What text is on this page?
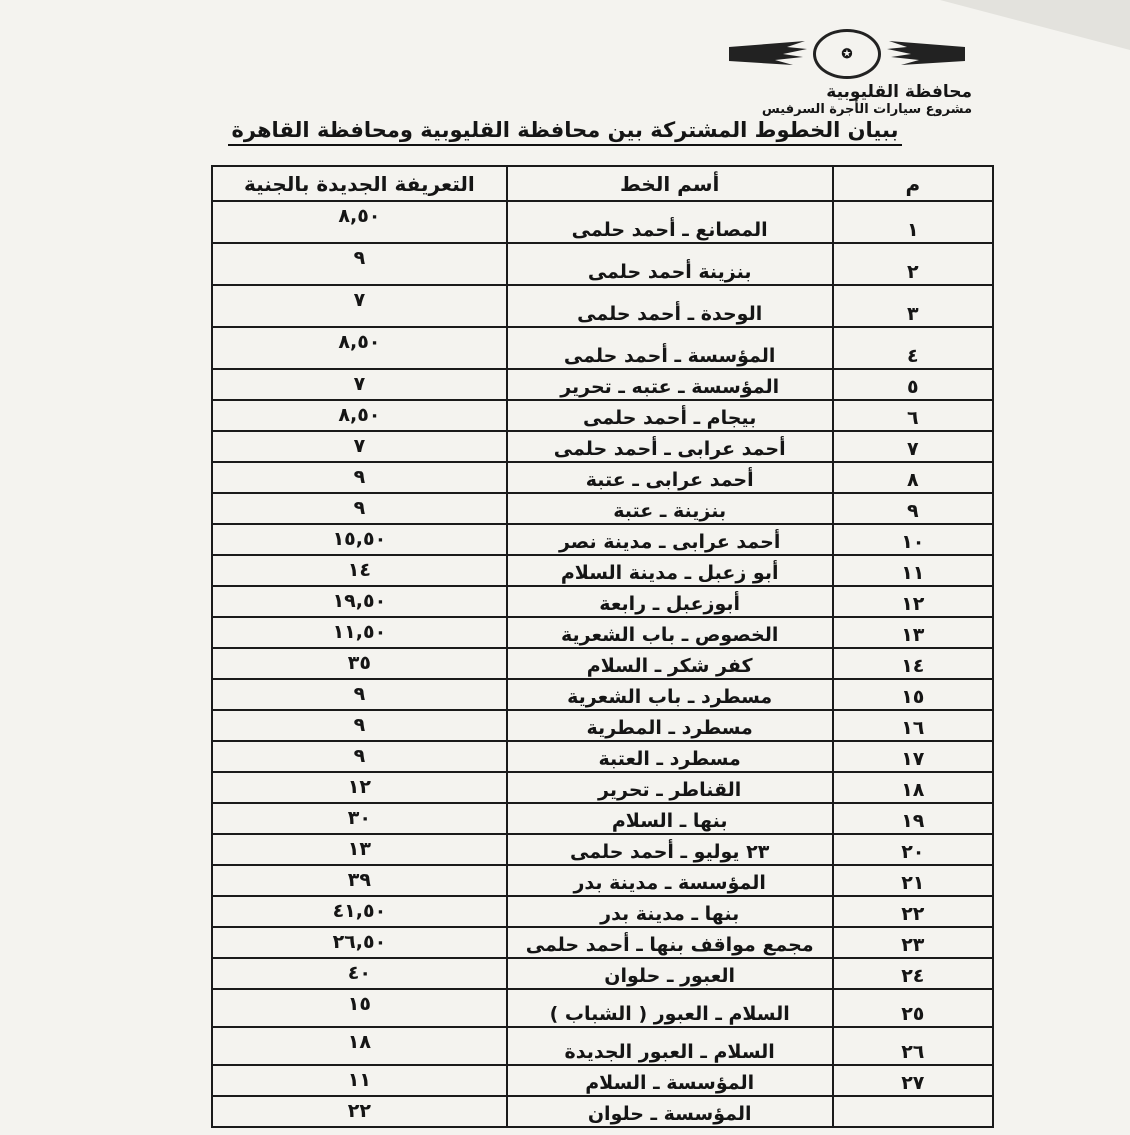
✪
محافظة القليوبية
مشروع سيارات الأجرة السرفيس
ببيان الخطوط المشتركة بين محافظة القليوبية ومحافظة القاهرة
م	أسم الخط	التعريفة الجديدة بالجنية
١	المصانع ـ أحمد حلمى	٨,٥٠
٢	بنزينة أحمد حلمى	٩
٣	الوحدة ـ أحمد حلمى	٧
٤	المؤسسة ـ أحمد حلمى	٨,٥٠
٥	المؤسسة ـ عتبه ـ تحرير	٧
٦	بيجام ـ أحمد حلمى	٨,٥٠
٧	أحمد عرابى ـ أحمد حلمى	٧
٨	أحمد عرابى ـ عتبة	٩
٩	بنزينة ـ عتبة	٩
١٠	أحمد عرابى ـ مدينة نصر	١٥,٥٠
١١	أبو زعبل ـ مدينة السلام	١٤
١٢	أبوزعبل ـ رابعة	١٩,٥٠
١٣	الخصوص ـ باب الشعرية	١١,٥٠
١٤	كفر شكر ـ السلام	٣٥
١٥	مسطرد ـ باب الشعرية	٩
١٦	مسطرد ـ المطرية	٩
١٧	مسطرد ـ العتبة	٩
١٨	القناطر ـ تحرير	١٢
١٩	بنها ـ السلام	٣٠
٢٠	٢٣ يوليو ـ أحمد حلمى	١٣
٢١	المؤسسة ـ مدينة بدر	٣٩
٢٢	بنها ـ مدينة بدر	٤١,٥٠
٢٣	مجمع مواقف بنها ـ أحمد حلمى	٢٦,٥٠
٢٤	العبور ـ حلوان	٤٠
٢٥	السلام ـ العبور ( الشباب )	١٥
٢٦	السلام ـ العبور الجديدة	١٨
٢٧	المؤسسة ـ السلام	١١
	المؤسسة ـ حلوان	٢٢
